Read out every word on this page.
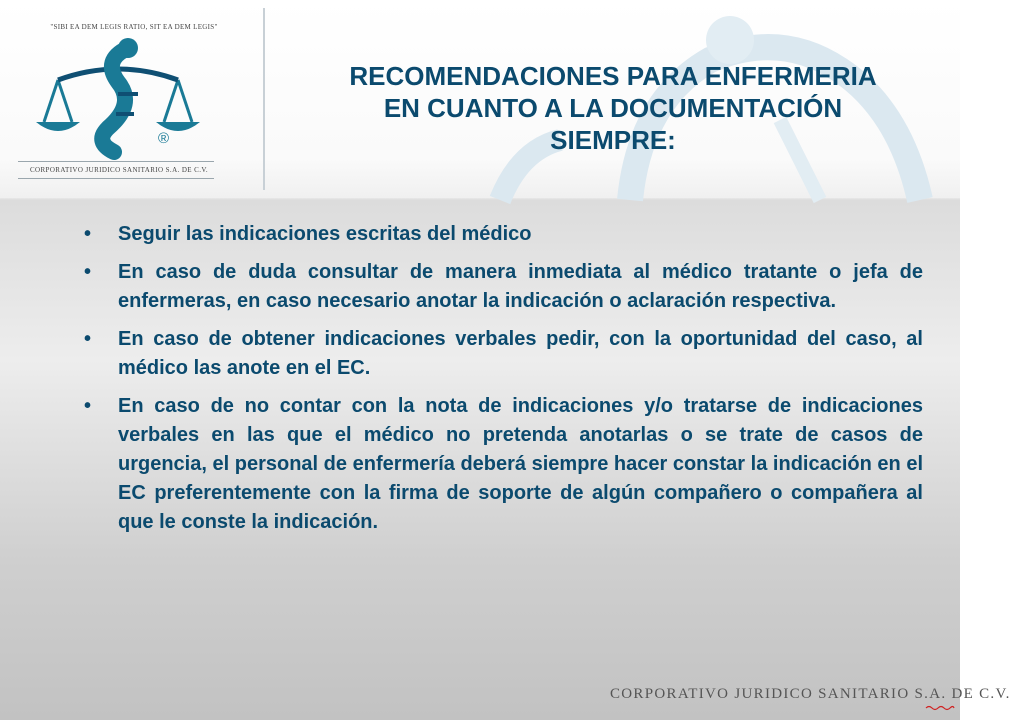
"SIBI EA DEM LEGIS RATIO, SIT EA DEM LEGIS"
®
CORPORATIVO JURIDICO SANITARIO S.A. DE C.V.
RECOMENDACIONES PARA ENFERMERIA
EN CUANTO A LA DOCUMENTACIÓN
SIEMPRE:
• Seguir las indicaciones escritas del médico
• En caso de duda consultar de manera inmediata al médico tratante o jefa de enfermeras, en caso necesario anotar la indicación o aclaración respectiva.
• En caso de obtener indicaciones verbales pedir, con la oportunidad del caso, al médico las anote en el EC.
• En caso de no contar con la nota de indicaciones y/o tratarse de indicaciones verbales en las que el médico no pretenda anotarlas o se trate de casos de urgencia, el personal de enfermería deberá siempre hacer constar la indicación en el EC preferentemente con la firma de soporte de algún compañero o compañera al que le conste la indicación.
CORPORATIVO JURIDICO SANITARIO S.A. DE C.V.
